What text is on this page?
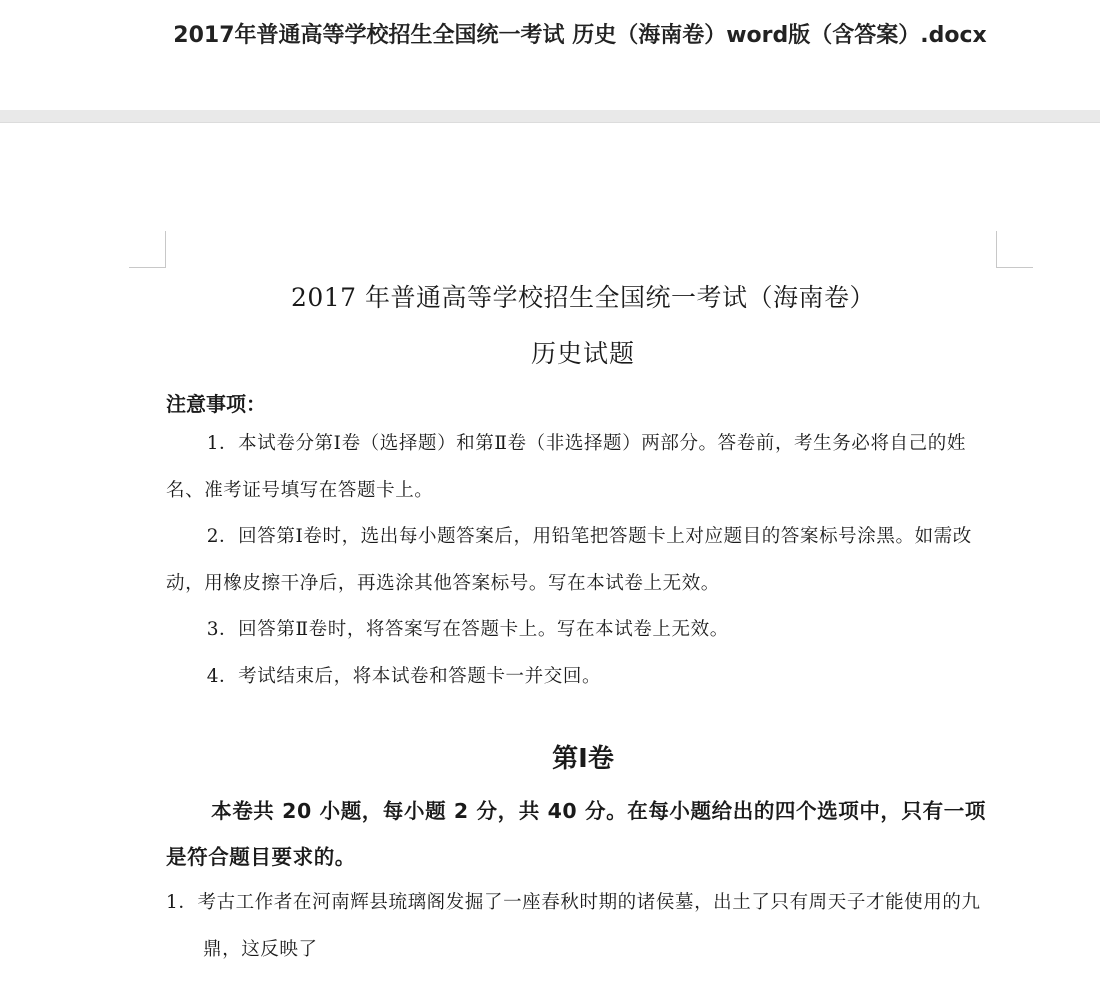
2017年普通高等学校招生全国统一考试 历史（海南卷）word版（含答案）.docx
2017 年普通高等学校招生全国统一考试（海南卷）
历史试题
注意事项：

1．本试卷分第Ⅰ卷（选择题）和第Ⅱ卷（非选择题）两部分。答卷前，考生务必将自己的姓名、准考证号填写在答题卡上。

2．回答第Ⅰ卷时，选出每小题答案后，用铅笔把答题卡上对应题目的答案标号涂黑。如需改动，用橡皮擦干净后，再选涂其他答案标号。写在本试卷上无效。

3．回答第Ⅱ卷时，将答案写在答题卡上。写在本试卷上无效。

4．考试结束后，将本试卷和答题卡一并交回。

第Ⅰ卷

本卷共 20 小题，每小题 2 分，共 40 分。在每小题给出的四个选项中，只有一项是符合题目要求的。

1．考古工作者在河南辉县琉璃阁发掘了一座春秋时期的诸侯墓，出土了只有周天子才能使用的九鼎，这反映了
